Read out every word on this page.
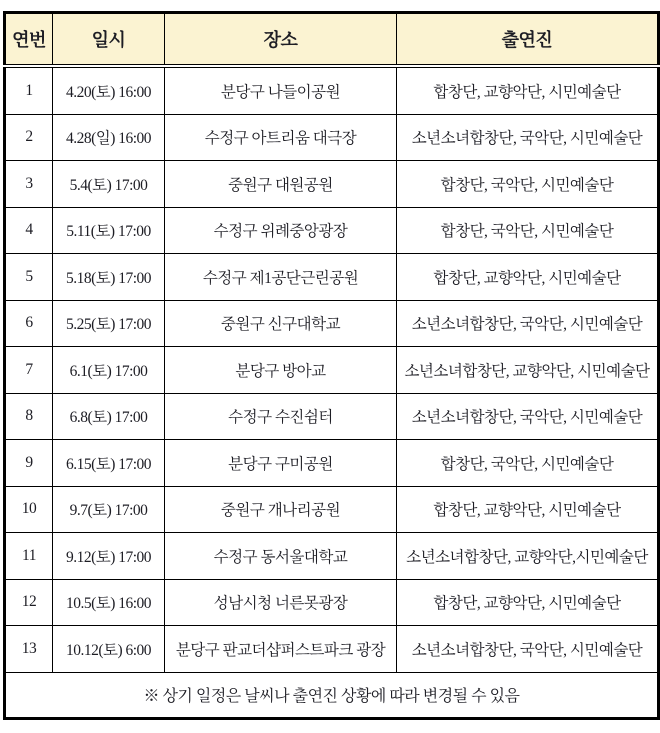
연번	일시	장소	출연진
1	4.20(토) 16:00	분당구 나들이공원	합창단, 교향악단, 시민예술단
2	4.28(일) 16:00	수정구 아트리움 대극장	소년소녀합창단, 국악단, 시민예술단
3	5.4(토) 17:00	중원구 대원공원	합창단, 국악단, 시민예술단
4	5.11(토) 17:00	수정구 위례중앙광장	합창단, 국악단, 시민예술단
5	5.18(토) 17:00	수정구 제1공단근린공원	합창단, 교향악단, 시민예술단
6	5.25(토) 17:00	중원구 신구대학교	소년소녀합창단, 국악단, 시민예술단
7	6.1(토) 17:00	분당구 방아교	소년소녀합창단, 교향악단, 시민예술단
8	6.8(토) 17:00	수정구 수진쉼터	소년소녀합창단, 국악단, 시민예술단
9	6.15(토) 17:00	분당구 구미공원	합창단, 국악단, 시민예술단
10	9.7(토) 17:00	중원구 개나리공원	합창단, 교향악단, 시민예술단
11	9.12(토) 17:00	수정구 동서울대학교	소년소녀합창단, 교향악단,시민예술단
12	10.5(토) 16:00	성남시청 너른못광장	합창단, 교향악단, 시민예술단
13	10.12(토) 6:00	분당구 판교더샵퍼스트파크 광장	소년소녀합창단, 국악단, 시민예술단
※ 상기 일정은 날씨나 출연진 상황에 따라 변경될 수 있음			
